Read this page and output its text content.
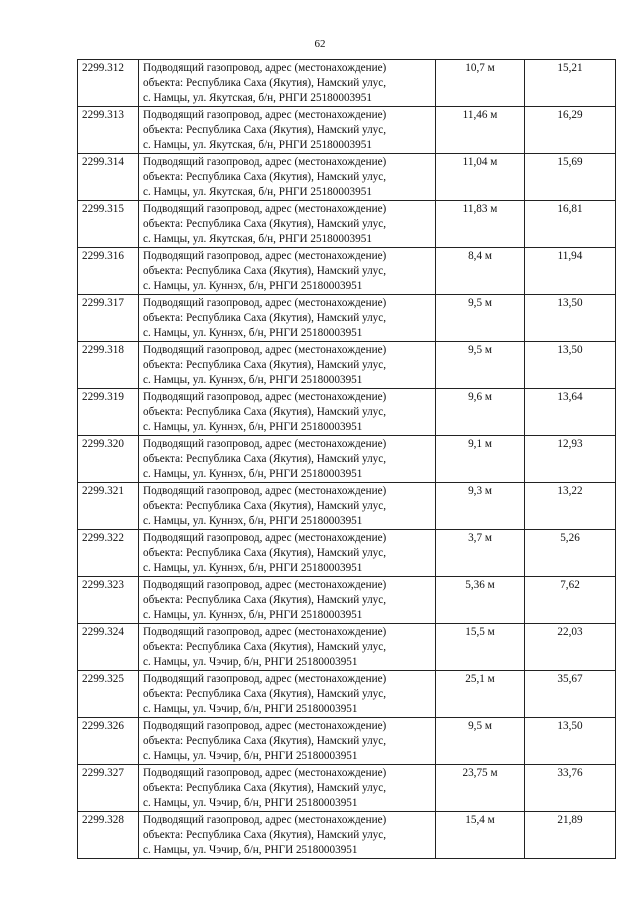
62
2299.312	Подводящий газопровод, адрес (местонахождение)
объекта: Республика Саха (Якутия), Намский улус,
с. Намцы, ул. Якутская, б/н, РНГИ 25180003951	10,7 м	15,21
2299.313	Подводящий газопровод, адрес (местонахождение)
объекта: Республика Саха (Якутия), Намский улус,
с. Намцы, ул. Якутская, б/н, РНГИ 25180003951	11,46 м	16,29
2299.314	Подводящий газопровод, адрес (местонахождение)
объекта: Республика Саха (Якутия), Намский улус,
с. Намцы, ул. Якутская, б/н, РНГИ 25180003951	11,04 м	15,69
2299.315	Подводящий газопровод, адрес (местонахождение)
объекта: Республика Саха (Якутия), Намский улус,
с. Намцы, ул. Якутская, б/н, РНГИ 25180003951	11,83 м	16,81
2299.316	Подводящий газопровод, адрес (местонахождение)
объекта: Республика Саха (Якутия), Намский улус,
с. Намцы, ул. Куннэх, б/н, РНГИ 25180003951	8,4 м	11,94
2299.317	Подводящий газопровод, адрес (местонахождение)
объекта: Республика Саха (Якутия), Намский улус,
с. Намцы, ул. Куннэх, б/н, РНГИ 25180003951	9,5 м	13,50
2299.318	Подводящий газопровод, адрес (местонахождение)
объекта: Республика Саха (Якутия), Намский улус,
с. Намцы, ул. Куннэх, б/н, РНГИ 25180003951	9,5 м	13,50
2299.319	Подводящий газопровод, адрес (местонахождение)
объекта: Республика Саха (Якутия), Намский улус,
с. Намцы, ул. Куннэх, б/н, РНГИ 25180003951	9,6 м	13,64
2299.320	Подводящий газопровод, адрес (местонахождение)
объекта: Республика Саха (Якутия), Намский улус,
с. Намцы, ул. Куннэх, б/н, РНГИ 25180003951	9,1 м	12,93
2299.321	Подводящий газопровод, адрес (местонахождение)
объекта: Республика Саха (Якутия), Намский улус,
с. Намцы, ул. Куннэх, б/н, РНГИ 25180003951	9,3 м	13,22
2299.322	Подводящий газопровод, адрес (местонахождение)
объекта: Республика Саха (Якутия), Намский улус,
с. Намцы, ул. Куннэх, б/н, РНГИ 25180003951	3,7 м	5,26
2299.323	Подводящий газопровод, адрес (местонахождение)
объекта: Республика Саха (Якутия), Намский улус,
с. Намцы, ул. Куннэх, б/н, РНГИ 25180003951	5,36 м	7,62
2299.324	Подводящий газопровод, адрес (местонахождение)
объекта: Республика Саха (Якутия), Намский улус,
с. Намцы, ул. Чэчир, б/н, РНГИ 25180003951	15,5 м	22,03
2299.325	Подводящий газопровод, адрес (местонахождение)
объекта: Республика Саха (Якутия), Намский улус,
с. Намцы, ул. Чэчир, б/н, РНГИ 25180003951	25,1 м	35,67
2299.326	Подводящий газопровод, адрес (местонахождение)
объекта: Республика Саха (Якутия), Намский улус,
с. Намцы, ул. Чэчир, б/н, РНГИ 25180003951	9,5 м	13,50
2299.327	Подводящий газопровод, адрес (местонахождение)
объекта: Республика Саха (Якутия), Намский улус,
с. Намцы, ул. Чэчир, б/н, РНГИ 25180003951	23,75 м	33,76
2299.328	Подводящий газопровод, адрес (местонахождение)
объекта: Республика Саха (Якутия), Намский улус,
с. Намцы, ул. Чэчир, б/н, РНГИ 25180003951	15,4 м	21,89
